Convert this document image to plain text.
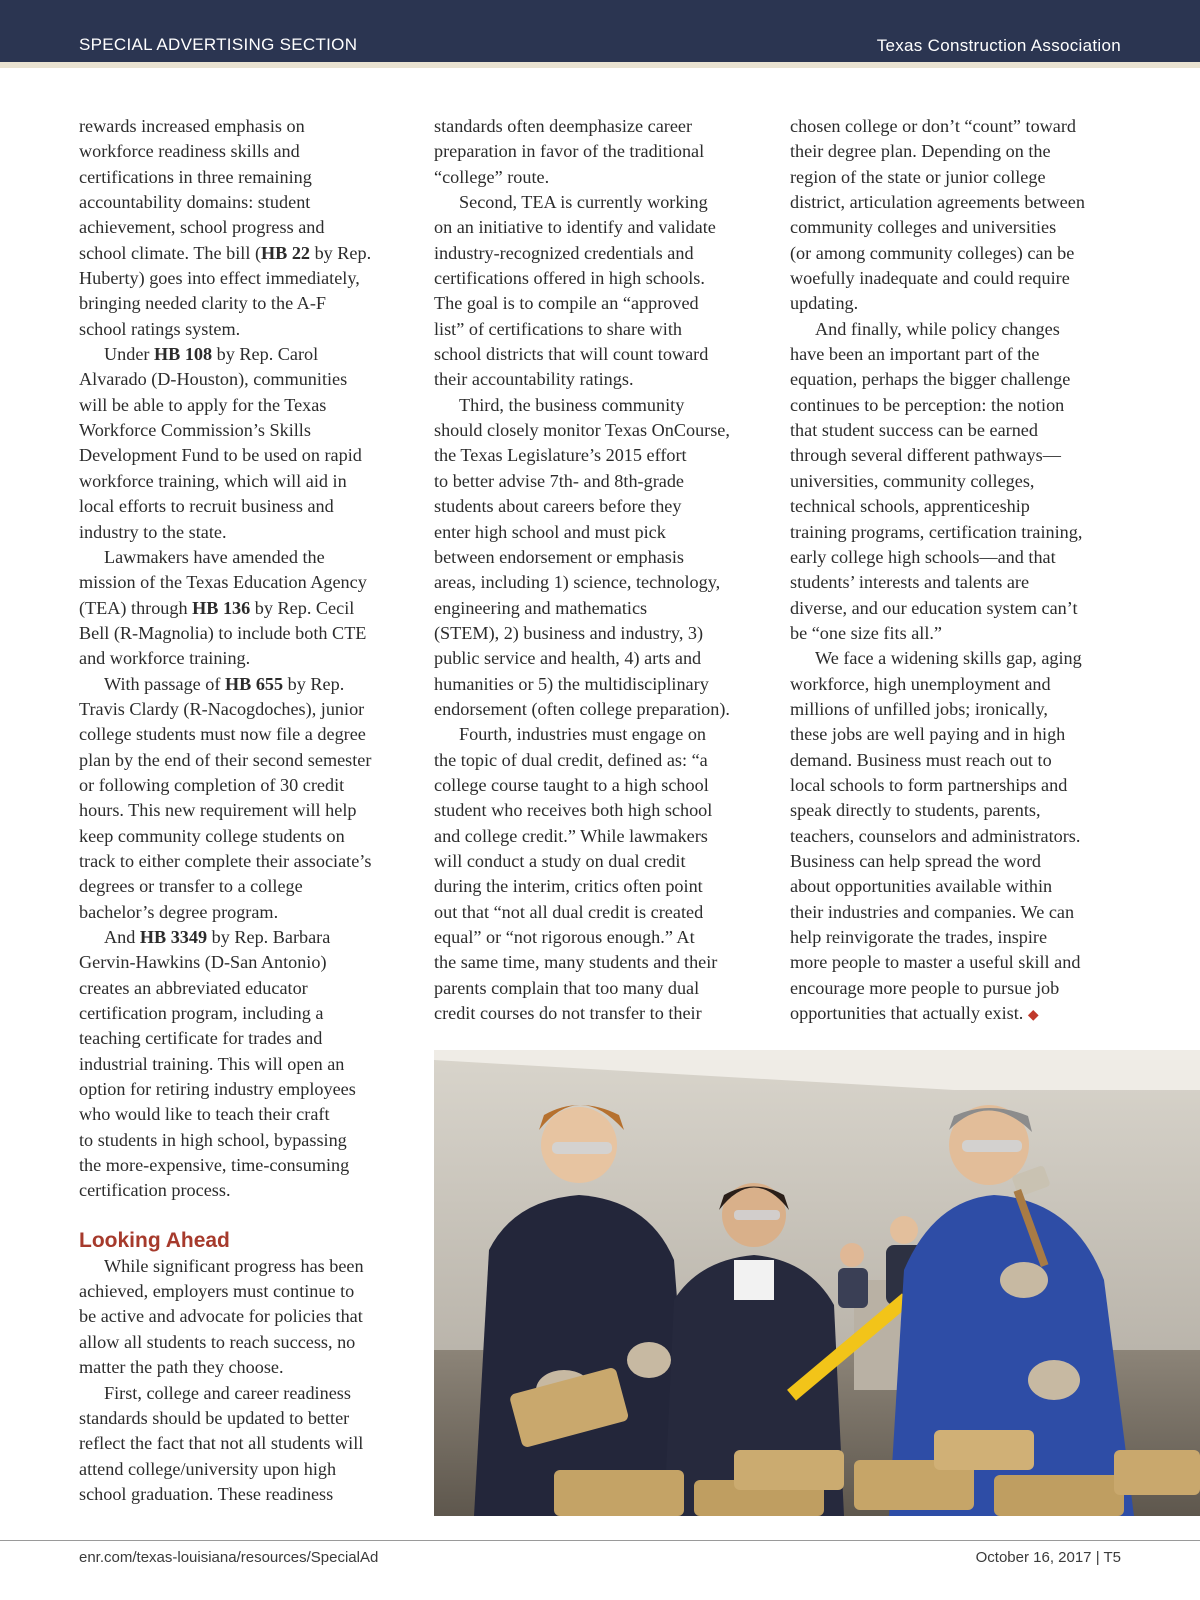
SPECIAL ADVERTISING SECTION	Texas Construction Association

rewards increased emphasis on
workforce readiness skills and
certifications in three remaining
accountability domains: student
achievement, school progress and
school climate. The bill (HB 22 by Rep.
Huberty) goes into effect immediately,
bringing needed clarity to the A-F
school ratings system.

Under HB 108 by Rep. Carol
Alvarado (D-Houston), communities
will be able to apply for the Texas
Workforce Commission’s Skills
Development Fund to be used on rapid
workforce training, which will aid in
local efforts to recruit business and
industry to the state.

Lawmakers have amended the
mission of the Texas Education Agency
(TEA) through HB 136 by Rep. Cecil
Bell (R-Magnolia) to include both CTE
and workforce training.

With passage of HB 655 by Rep.
Travis Clardy (R-Nacogdoches), junior
college students must now file a degree
plan by the end of their second semester
or following completion of 30 credit
hours. This new requirement will help
keep community college students on
track to either complete their associate’s
degrees or transfer to a college
bachelor’s degree program.

And HB 3349 by Rep. Barbara
Gervin-Hawkins (D-San Antonio)
creates an abbreviated educator
certification program, including a
teaching certificate for trades and
industrial training. This will open an
option for retiring industry employees
who would like to teach their craft
to students in high school, bypassing
the more-expensive, time-consuming
certification process.

Looking Ahead

While significant progress has been
achieved, employers must continue to
be active and advocate for policies that
allow all students to reach success, no
matter the path they choose.

First, college and career readiness
standards should be updated to better
reflect the fact that not all students will
attend college/university upon high
school graduation. These readiness

standards often deemphasize career
preparation in favor of the traditional
“college” route.

Second, TEA is currently working
on an initiative to identify and validate
industry-recognized credentials and
certifications offered in high schools.
The goal is to compile an “approved
list” of certifications to share with
school districts that will count toward
their accountability ratings.

Third, the business community
should closely monitor Texas OnCourse,
the Texas Legislature’s 2015 effort
to better advise 7th- and 8th-grade
students about careers before they
enter high school and must pick
between endorsement or emphasis
areas, including 1) science, technology,
engineering and mathematics
(STEM), 2) business and industry, 3)
public service and health, 4) arts and
humanities or 5) the multidisciplinary
endorsement (often college preparation).

Fourth, industries must engage on
the topic of dual credit, defined as: “a
college course taught to a high school
student who receives both high school
and college credit.” While lawmakers
will conduct a study on dual credit
during the interim, critics often point
out that “not all dual credit is created
equal” or “not rigorous enough.” At
the same time, many students and their
parents complain that too many dual
credit courses do not transfer to their

chosen college or don’t “count” toward
their degree plan. Depending on the
region of the state or junior college
district, articulation agreements between
community colleges and universities
(or among community colleges) can be
woefully inadequate and could require
updating.

And finally, while policy changes
have been an important part of the
equation, perhaps the bigger challenge
continues to be perception: the notion
that student success can be earned
through several different pathways—
universities, community colleges,
technical schools, apprenticeship
training programs, certification training,
early college high schools—and that
students’ interests and talents are
diverse, and our education system can’t
be “one size fits all.”

We face a widening skills gap, aging
workforce, high unemployment and
millions of unfilled jobs; ironically,
these jobs are well paying and in high
demand. Business must reach out to
local schools to form partnerships and
speak directly to students, parents,
teachers, counselors and administrators.
Business can help spread the word
about opportunities available within
their industries and companies. We can
help reinvigorate the trades, inspire
more people to master a useful skill and
encourage more people to pursue job
opportunities that actually exist. ◆

enr.com/texas-louisiana/resources/SpecialAd	October 16, 2017 | T5
